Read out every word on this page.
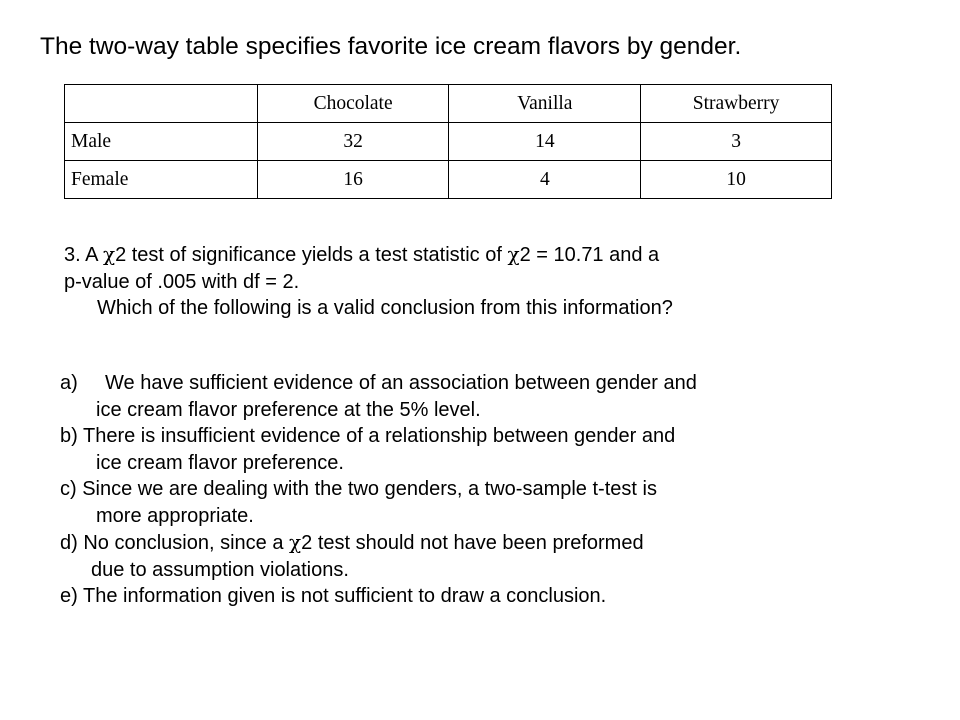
The two-way table specifies favorite ice cream flavors by gender.
	Chocolate	Vanilla	Strawberry
Male	32	14	3
Female	16	4	10
3. A χ2 test of significance yields a test statistic of χ2 = 10.71 and a
p-value of .005 with df = 2.
Which of the following is a valid conclusion from this information?
a) We have sufficient evidence of an association between gender and
ice cream flavor preference at the 5% level.
b) There is insufficient evidence of a relationship between gender and
ice cream flavor preference.
c) Since we are dealing with the two genders, a two-sample t-test is
more appropriate.
d) No conclusion, since a χ2 test should not have been preformed
due to assumption violations.
e) The information given is not sufficient to draw a conclusion.
